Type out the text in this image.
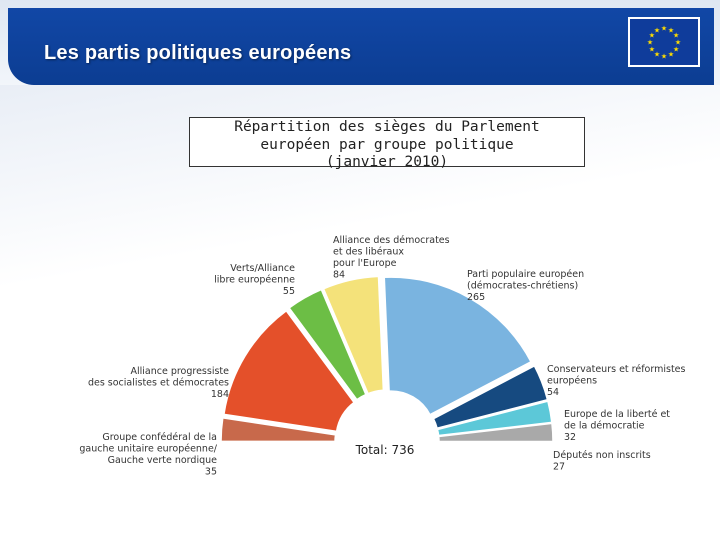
Les partis politiques européens
★ ★
★
★
★
★
★
★
★
★
★
★
Répartition des sièges du Parlement
européen par groupe politique
(janvier 2010)
Groupe confédéral de la gauche unitaire européenne/ Gauche verte nordique 35
Alliance progressiste des socialistes et démocrates 184
Verts/Alliance libre européenne 55
Alliance des démocrates et des libéraux pour l'Europe 84	Parti populaire européen (démocrates-chrétiens) 265
Conservateurs et réformistes européens 54
Europe de la liberté et de la démocratie 32
Députés non inscrits 27
Total: 736
